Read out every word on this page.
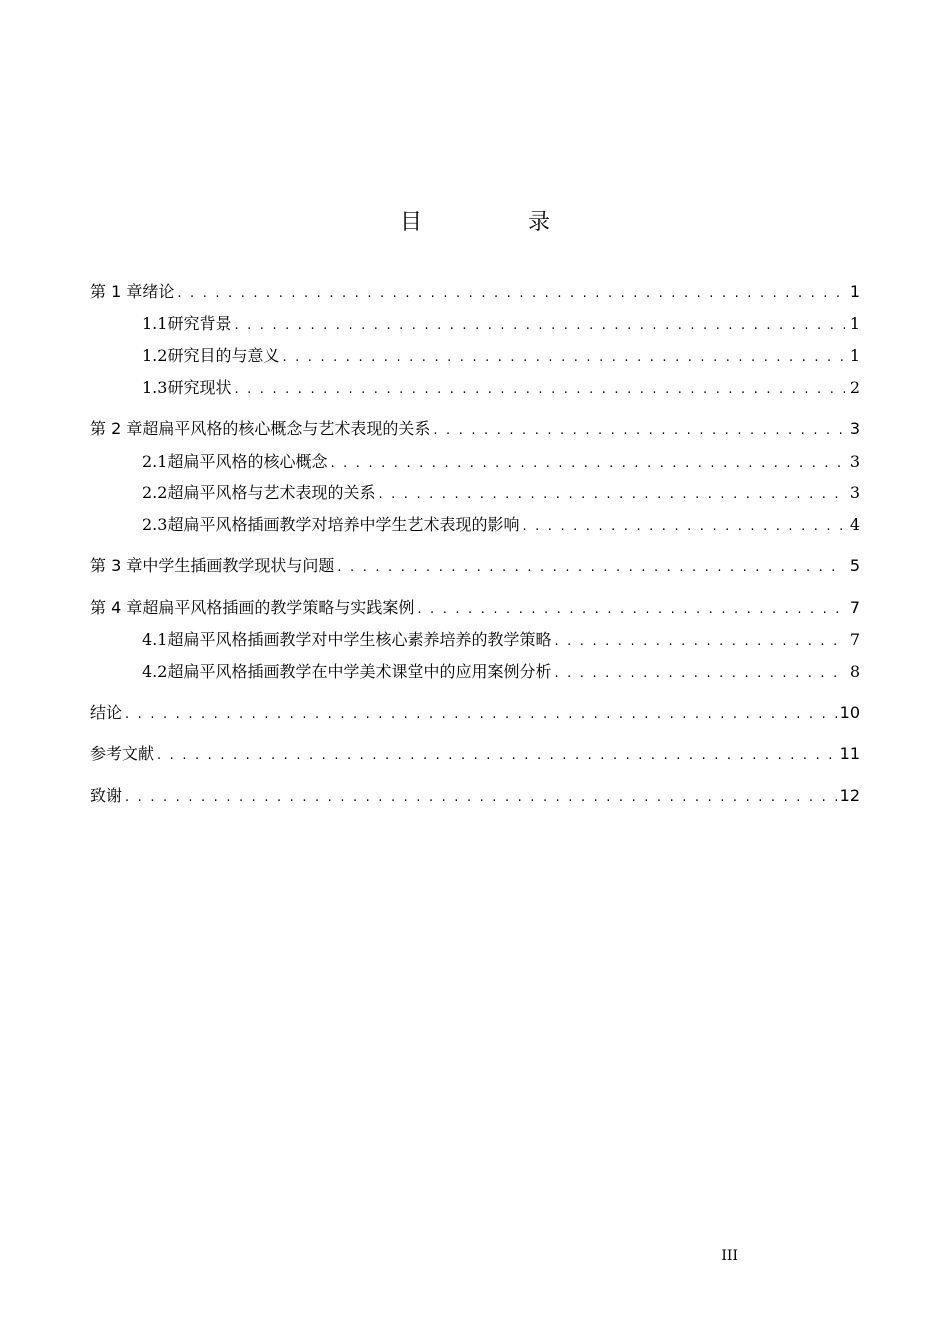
目　录
第 1 章 绪论 . . .	1
1.1 研究背景 . . .	1
1.2 研究目的与意义 . . .	1
1.3 研究现状 . . .	2
第 2 章 超扁平风格的核心概念与艺术表现的关系 . . .	3
2.1 超扁平风格的核心概念 . . .	3
2.2 超扁平风格与艺术表现的关系 . . .	3
2.3 超扁平风格插画教学对培养中学生艺术表现的影响 . . .	4
第 3 章 中学生插画教学现状与问题 . . .	5
第 4 章 超扁平风格插画的教学策略与实践案例 . . .	7
4.1 超扁平风格插画教学对中学生核心素养培养的教学策略 . . .	7
4.2 超扁平风格插画教学在中学美术课堂中的应用案例分析 . . .	8
结论 . . .	10
参考文献 . . .	11
致谢 . . .	12
III
